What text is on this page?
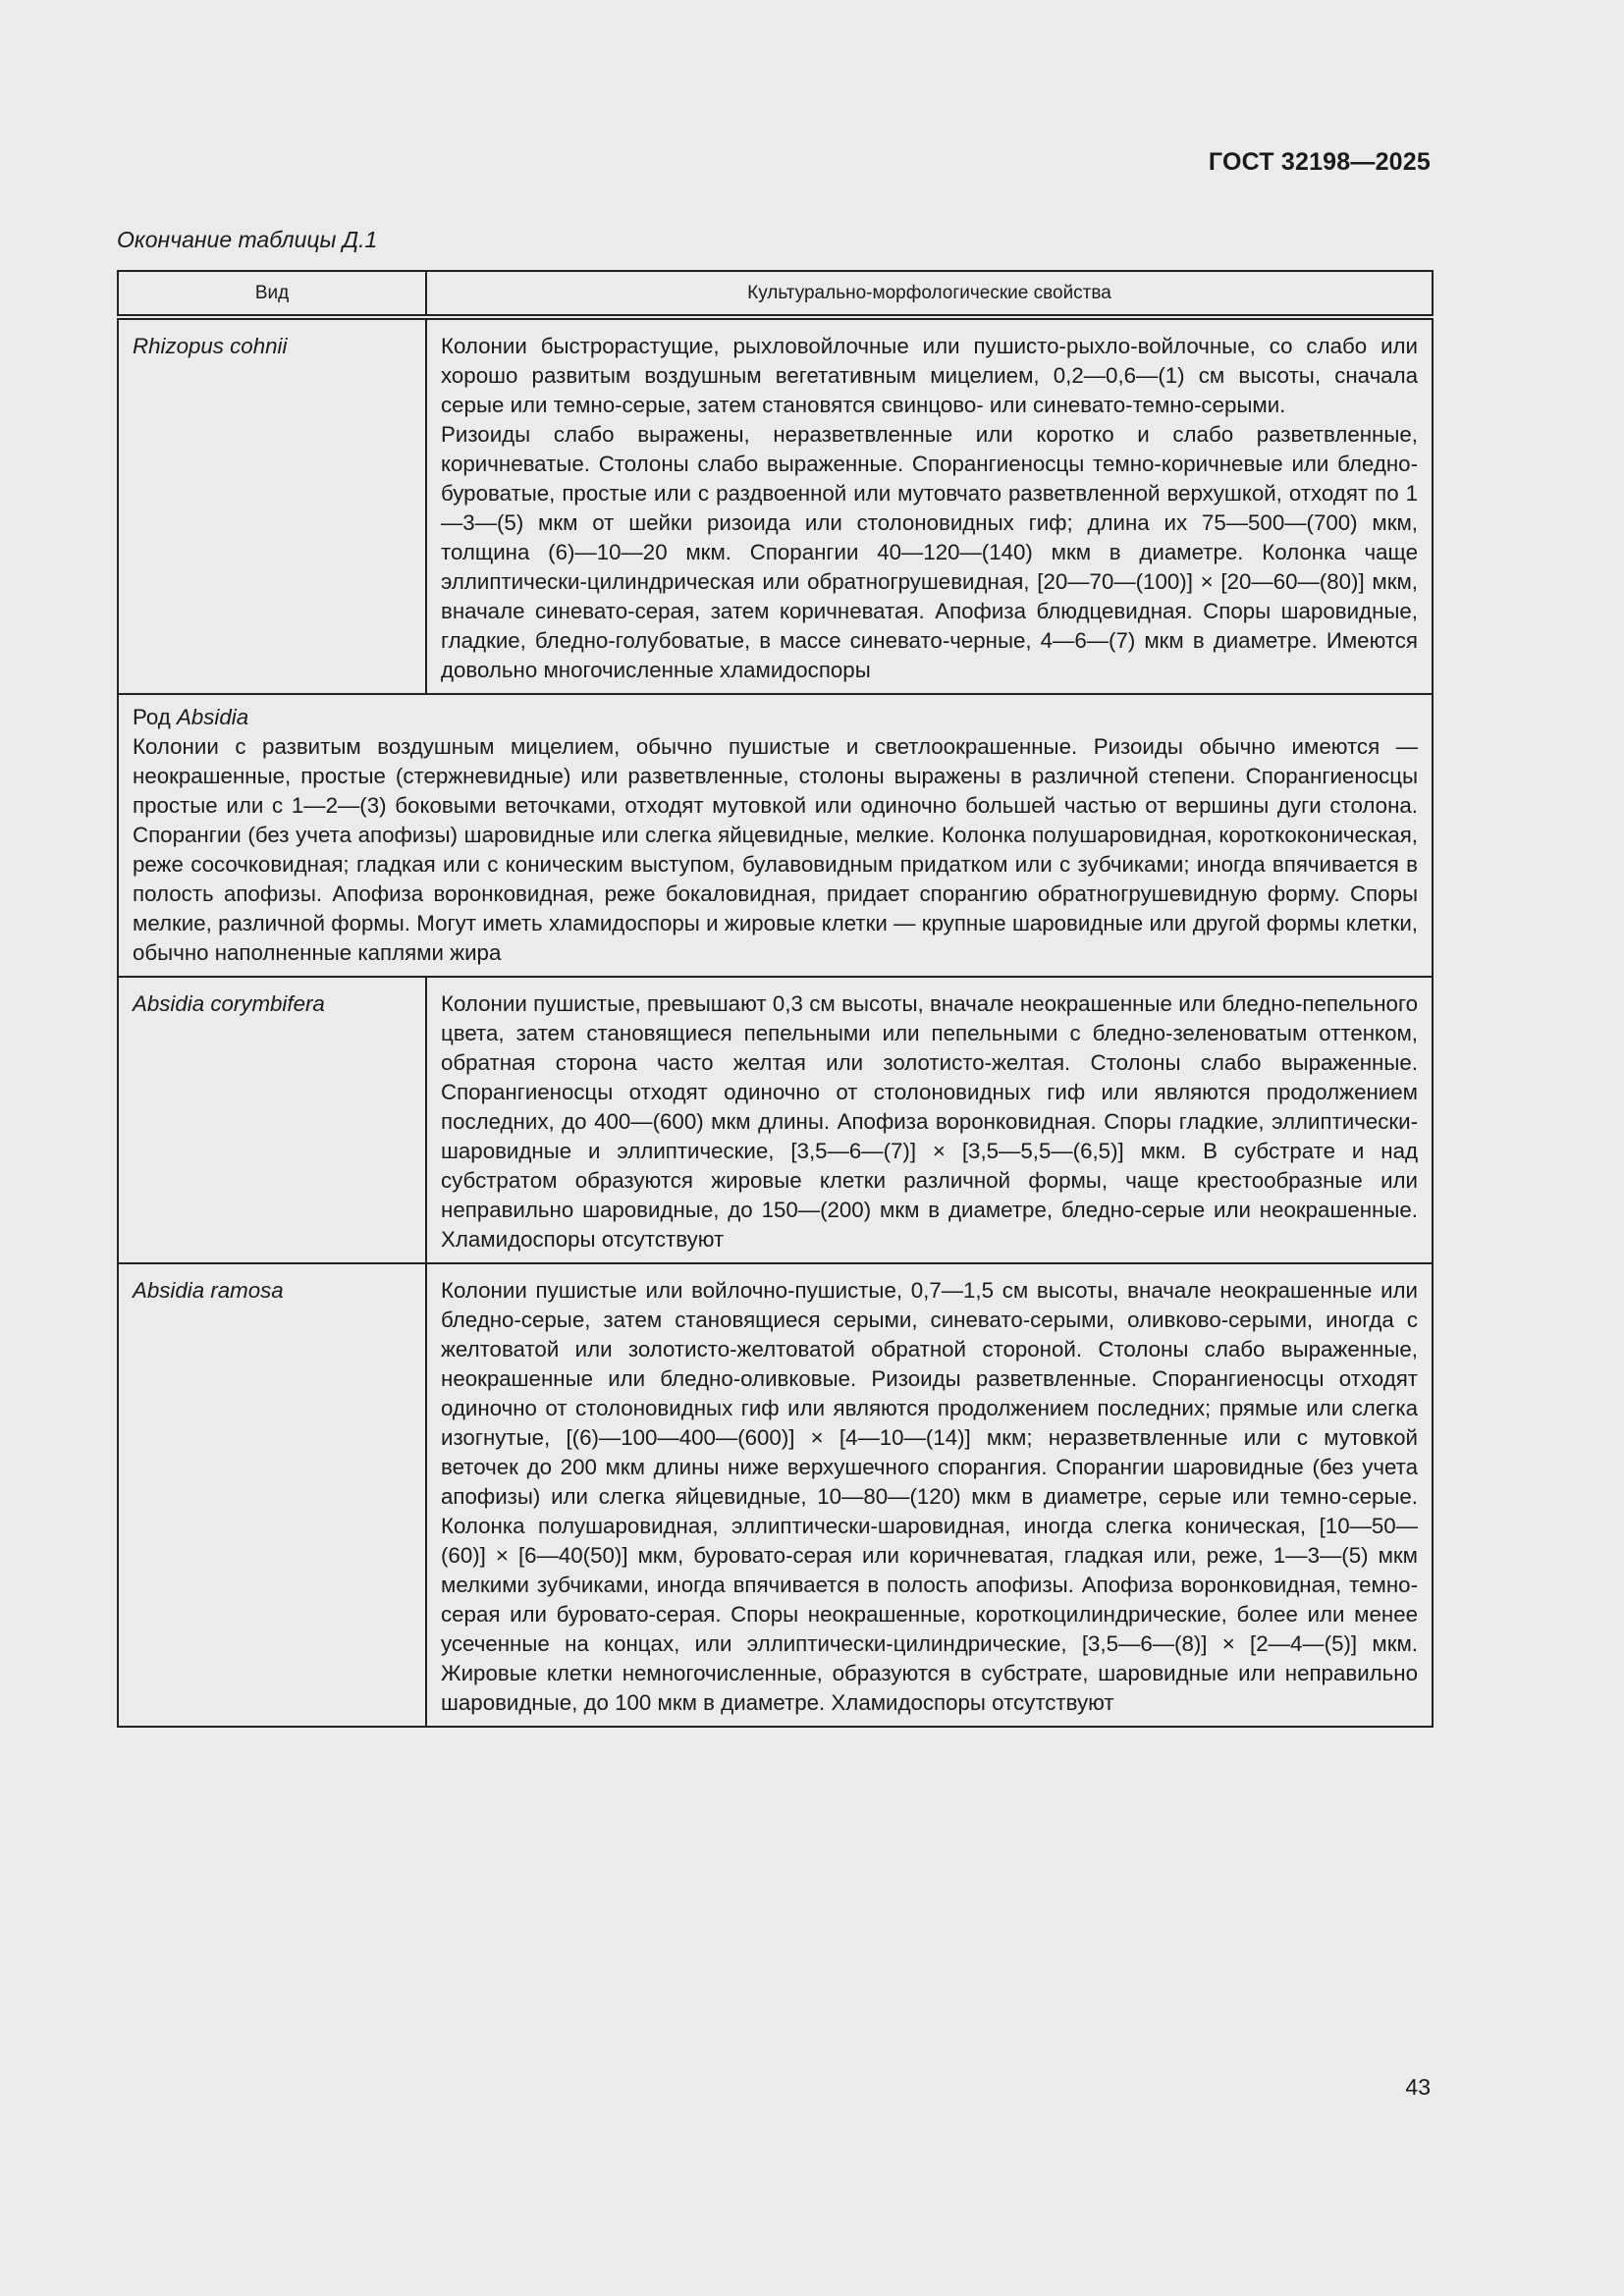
ГОСТ 32198—2025
Окончание таблицы Д.1
Вид	Культурально-морфологические свойства
Rhizopus cohnii	Колонии быстрорастущие, рыхловойлочные или пушисто-рыхло-войлочные, со слабо или хорошо развитым воздушным вегетативным мицелием, 0,2—0,6—(1) см высоты, сначала серые или темно-серые, затем становятся свинцово- или синевато-темно-серыми.

Ризоиды слабо выражены, неразветвленные или коротко и слабо разветвленные, коричневатые. Столоны слабо выраженные. Спорангиеносцы темно-коричневые или бледно-буроватые, простые или с раздвоенной или мутовчато разветвленной верхушкой, отходят по 1—3—(5) мкм от шейки ризоида или столоновидных гиф; длина их 75—500—(700) мкм, толщина (6)—10—20 мкм. Спорангии 40—120—(140) мкм в диаметре. Колонка чаще эллиптически-цилиндрическая или обратногрушевидная, [20—70—(100)] × [20—60—(80)] мкм, вначале синевато-серая, затем коричневатая. Апофиза блюдцевидная. Споры шаровидные, гладкие, бледно-голубоватые, в массе синевато-черные, 4—6—(7) мкм в диаметре. Имеются довольно многочисленные хламидоспоры

Род Absidia

Колонии с развитым воздушным мицелием, обычно пушистые и светлоокрашенные. Ризоиды обычно имеются — неокрашенные, простые (стержневидные) или разветвленные, столоны выражены в различной степени. Спорангиеносцы простые или с 1—2—(3) боковыми веточками, отходят мутовкой или одиночно большей частью от вершины дуги столона. Спорангии (без учета апофизы) шаровидные или слегка яйцевидные, мелкие. Колонка полушаровидная, короткоконическая, реже сосочковидная; гладкая или с коническим выступом, булавовидным придатком или с зубчиками; иногда впячивается в полость апофизы. Апофиза воронковидная, реже бокаловидная, придает спорангию обратногрушевидную форму. Споры мелкие, различной формы. Могут иметь хламидоспоры и жировые клетки — крупные шаровидные или другой формы клетки, обычно наполненные каплями жира	

Absidia corymbifera	Колонии пушистые, превышают 0,3 см высоты, вначале неокрашенные или бледно-пепельного цвета, затем становящиеся пепельными или пепельными с бледно-зеленоватым оттенком, обратная сторона часто желтая или золотисто-желтая. Столоны слабо выраженные. Спорангиеносцы отходят одиночно от столоновидных гиф или являются продолжением последних, до 400—(600) мкм длины. Апофиза воронковидная. Споры гладкие, эллиптически-шаровидные и эллиптические, [3,5—6—(7)] × [3,5—5,5—(6,5)] мкм. В субстрате и над субстратом образуются жировые клетки различной формы, чаще крестообразные или неправильно шаровидные, до 150—(200) мкм в диаметре, бледно-серые или неокрашенные. Хламидоспоры отсутствуют

Absidia ramosa	Колонии пушистые или войлочно-пушистые, 0,7—1,5 см высоты, вначале неокрашенные или бледно-серые, затем становящиеся серыми, синевато-серыми, оливково-серыми, иногда с желтоватой или золотисто-желтоватой обратной стороной. Столоны слабо выраженные, неокрашенные или бледно-оливковые. Ризоиды разветвленные. Спорангиеносцы отходят одиночно от столоновидных гиф или являются продолжением последних; прямые или слегка изогнутые, [(6)—100—400—(600)] × [4—10—(14)] мкм; неразветвленные или с мутовкой веточек до 200 мкм длины ниже верхушечного спорангия. Спорангии шаровидные (без учета апофизы) или слегка яйцевидные, 10—80—(120) мкм в диаметре, серые или темно-серые. Колонка полушаровидная, эллиптически-шаровидная, иногда слегка коническая, [10—50—(60)] × [6—40(50)] мкм, буровато-серая или коричневатая, гладкая или, реже, 1—3—(5) мкм мелкими зубчиками, иногда впячивается в полость апофизы. Апофиза воронковидная, темно-серая или буровато-серая. Споры неокрашенные, короткоцилиндрические, более или менее усеченные на концах, или эллиптически-цилиндрические, [3,5—6—(8)] × [2—4—(5)] мкм. Жировые клетки немногочисленные, образуются в субстрате, шаровидные или неправильно шаровидные, до 100 мкм в диаметре. Хламидоспоры отсутствуют

43
